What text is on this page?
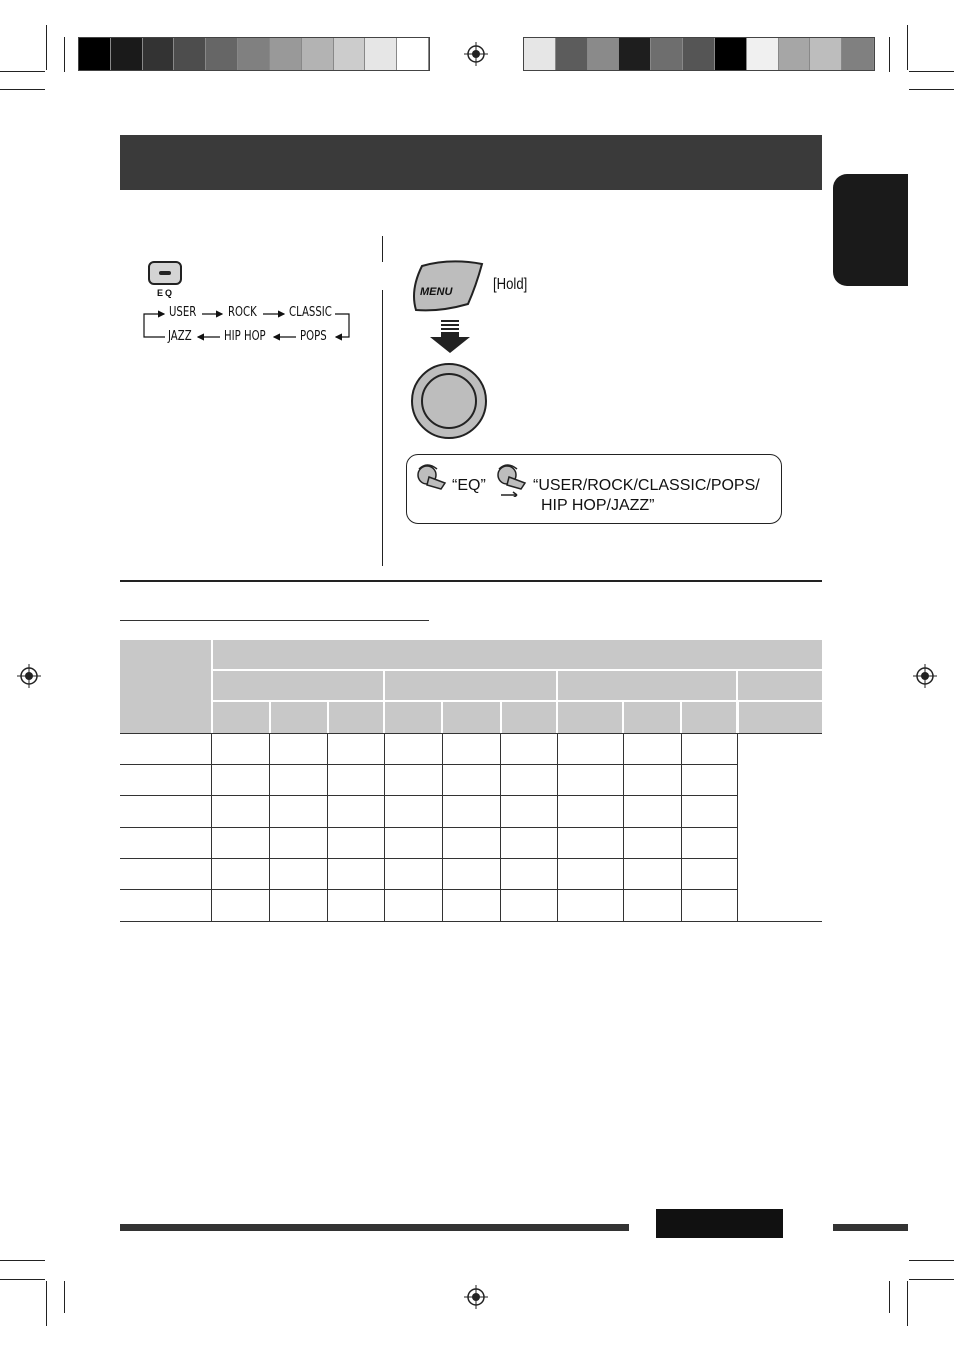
EQ
USER ROCK CLASSIC
JAZZ HIP HOP	POPS
MENU	[Hold]
“EQ”	“USER/ROCK/CLASSIC/POPS/
HIP HOP/JAZZ”
